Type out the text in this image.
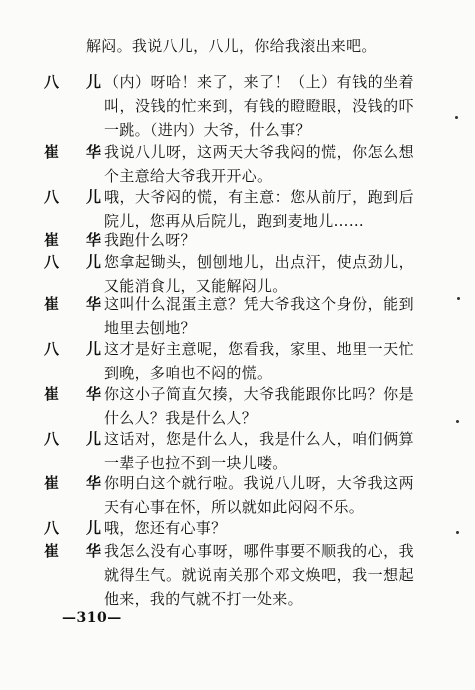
解闷。我说八儿，八儿，你给我滚出来吧。
八　儿
（内）呀哈！来了，来了！（上）有钱的坐着叫，没钱的忙来到，有钱的瞪瞪眼，没钱的吓一跳。（进内）大爷，什么事？
崔　华
我说八儿呀，这两天大爷我闷的慌，你怎么想个主意给大爷我开开心。
八　儿
哦，大爷闷的慌，有主意：您从前厅，跑到后院儿，您再从后院儿，跑到麦地儿……
崔　华
我跑什么呀？
八　儿
您拿起锄头，刨刨地儿，出点汗，使点劲儿，又能消食儿，又能解闷儿。
崔　华
这叫什么混蛋主意？凭大爷我这个身份，能到地里去刨地？
八　儿
这才是好主意呢，您看我，家里、地里一天忙到晚，多咱也不闷的慌。
崔　华
你这小子简直欠揍，大爷我能跟你比吗？你是什么人？我是什么人？
八　儿
这话对，您是什么人，我是什么人，咱们俩算一辈子也拉不到一块儿喽。
崔　华
你明白这个就行啦。我说八儿呀，大爷我这两天有心事在怀，所以就如此闷闷不乐。
八　儿
哦，您还有心事？
崔　华
我怎么没有心事呀，哪件事要不顺我的心，我就得生气。就说南关那个邓文焕吧，我一想起他来，我的气就不打一处来。
—310—
